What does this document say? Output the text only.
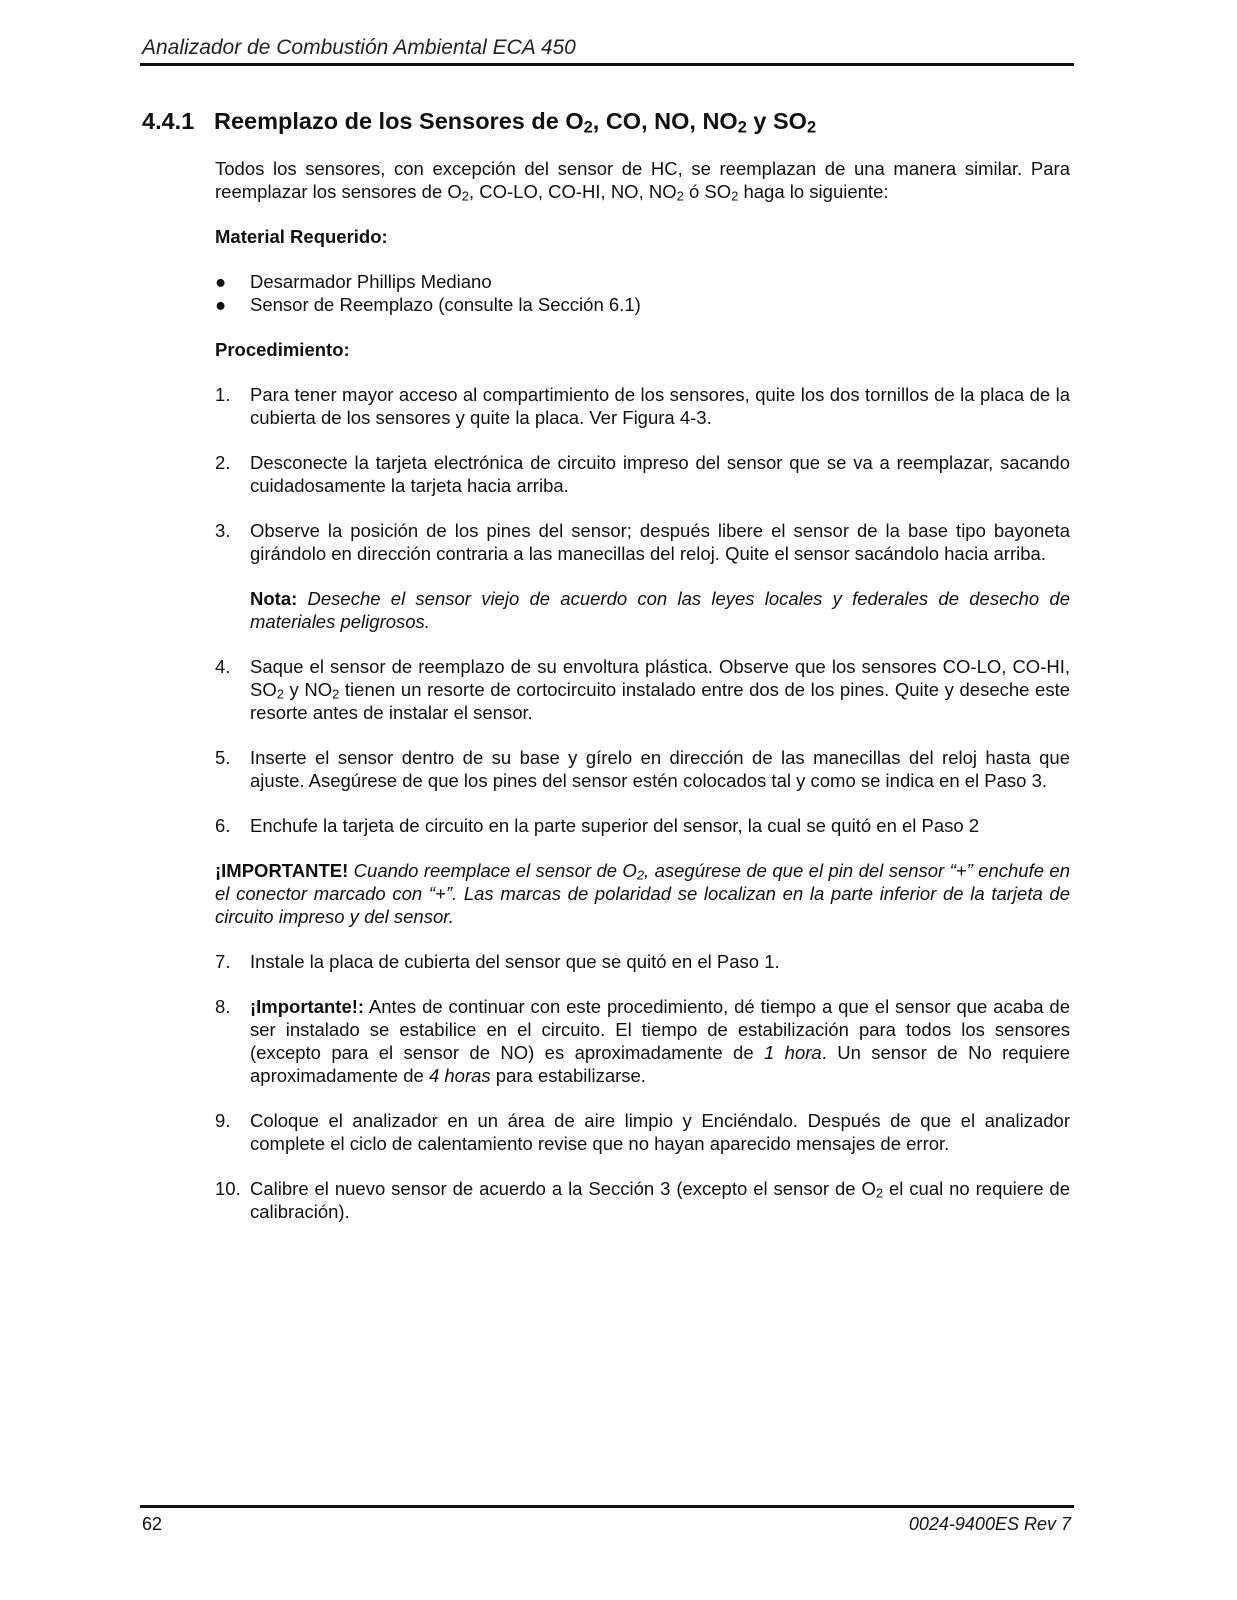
Analizador de Combustión Ambiental ECA 450
4.4.1 Reemplazo de los Sensores de $O_2$, CO, NO, $NO_2$ y $SO_2$

Todos los sensores, con excepción del sensor de HC, se reemplazan de una manera similar. Para reemplazar los sensores de $O_2$, CO-LO, CO-HI, NO, $NO_2$ ó $SO_2$ haga lo siguiente:

Material Requerido:

● Desarmador Phillips Mediano
● Sensor de Reemplazo (consulte la Sección 6.1)

Procedimiento:

1.	Para tener mayor acceso al compartimiento de los sensores, quite los dos tornillos de la placa de la cubierta de los sensores y quite la placa. Ver Figura 4-3.
2.	Desconecte la tarjeta electrónica de circuito impreso del sensor que se va a reemplazar, sacando cuidadosamente la tarjeta hacia arriba.
3.	Observe la posición de los pines del sensor; después libere el sensor de la base tipo bayoneta girándolo en dirección contraria a las manecillas del reloj. Quite el sensor sacándolo hacia arriba.

Nota: Deseche el sensor viejo de acuerdo con las leyes locales y federales de desecho de materiales peligrosos.

4.	Saque el sensor de reemplazo de su envoltura plástica. Observe que los sensores CO-LO, CO-HI, $SO_2$ y $NO_2$ tienen un resorte de cortocircuito instalado entre dos de los pines. Quite y deseche este resorte antes de instalar el sensor.
5.	Inserte el sensor dentro de su base y gírelo en dirección de las manecillas del reloj hasta que ajuste. Asegúrese de que los pines del sensor estén colocados tal y como se indica en el Paso 3.
6.	Enchufe la tarjeta de circuito en la parte superior del sensor, la cual se quitó en el Paso 2

¡IMPORTANTE! Cuando reemplace el sensor de $O_2$, asegúrese de que el pin del sensor “+” enchufe en el conector marcado con “+”. Las marcas de polaridad se localizan en la parte inferior de la tarjeta de circuito impreso y del sensor.

7.	Instale la placa de cubierta del sensor que se quitó en el Paso 1.
8.	¡Importante!: Antes de continuar con este procedimiento, dé tiempo a que el sensor que acaba de ser instalado se estabilice en el circuito. El tiempo de estabilización para todos los sensores (excepto para el sensor de NO) es aproximadamente de 1 hora. Un sensor de No requiere aproximadamente de 4 horas para estabilizarse.
9.	Coloque el analizador en un área de aire limpio y Enciéndalo. Después de que el analizador complete el ciclo de calentamiento revise que no hayan aparecido mensajes de error.
10. Calibre el nuevo sensor de acuerdo a la Sección 3 (excepto el sensor de $O_2$ el cual no requiere de calibración).
62	0024-9400ES Rev 7
